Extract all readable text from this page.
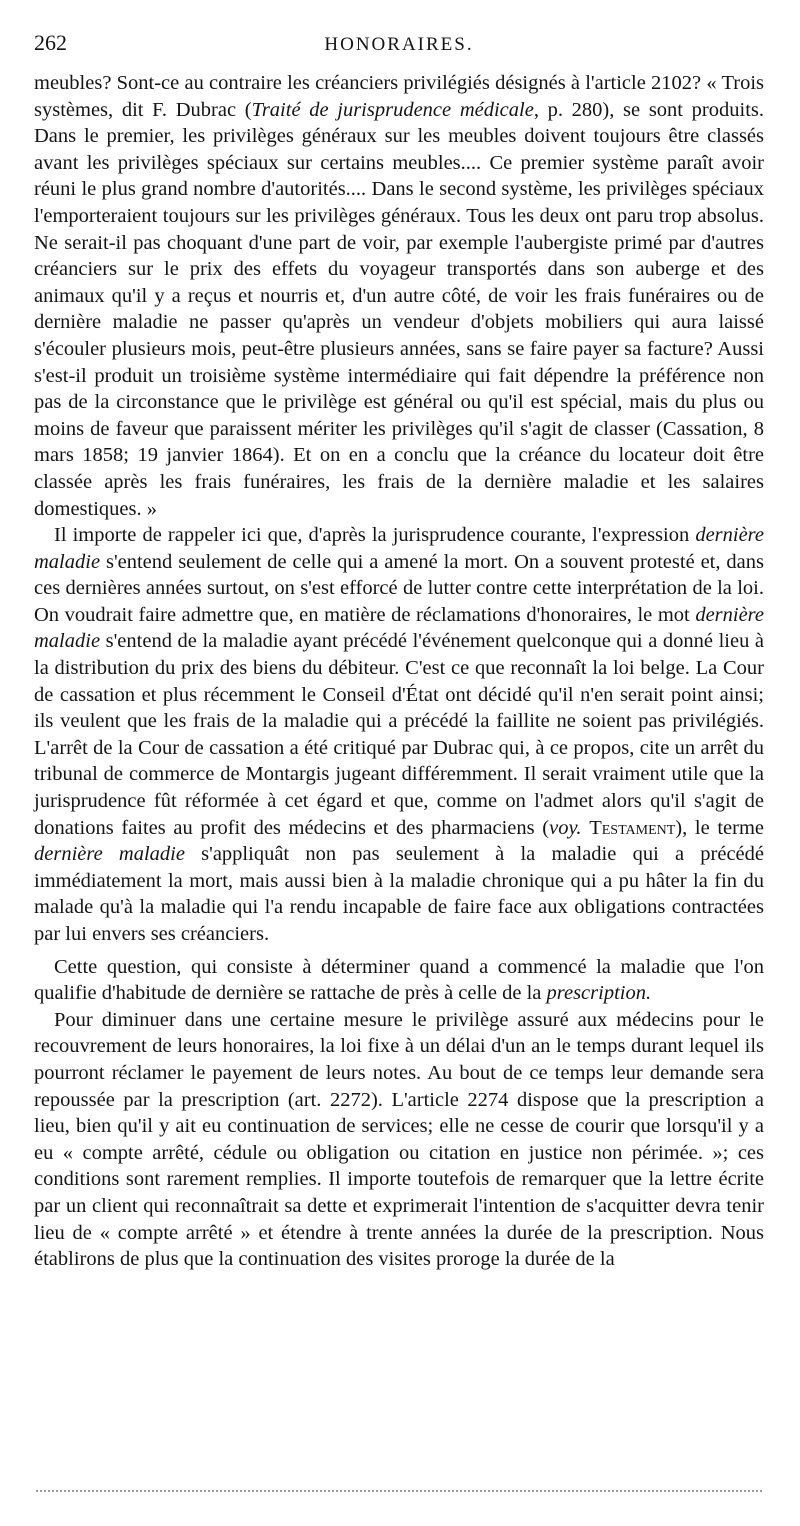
262	HONORAIRES.

meubles? Sont-ce au contraire les créanciers privilégiés désignés à l'article 2102? « Trois systèmes, dit F. Dubrac (Traité de jurisprudence médicale, p. 280), se sont produits. Dans le premier, les privilèges généraux sur les meubles doivent toujours être classés avant les privilèges spéciaux sur certains meubles.... Ce premier système paraît avoir réuni le plus grand nombre d'autorités.... Dans le second système, les privilèges spéciaux l'emporteraient toujours sur les privilèges généraux. Tous les deux ont paru trop absolus. Ne serait-il pas choquant d'une part de voir, par exemple l'aubergiste primé par d'autres créanciers sur le prix des effets du voyageur transportés dans son auberge et des animaux qu'il y a reçus et nourris et, d'un autre côté, de voir les frais funéraires ou de dernière maladie ne passer qu'après un vendeur d'objets mobiliers qui aura laissé s'écouler plusieurs mois, peut-être plusieurs années, sans se faire payer sa facture? Aussi s'est-il produit un troisième système intermédiaire qui fait dépendre la préférence non pas de la circonstance que le privilège est général ou qu'il est spécial, mais du plus ou moins de faveur que paraissent mériter les privilèges qu'il s'agit de classer (Cassation, 8 mars 1858; 19 janvier 1864). Et on en a conclu que la créance du locateur doit être classée après les frais funéraires, les frais de la dernière maladie et les salaires domestiques. »

Il importe de rappeler ici que, d'après la jurisprudence courante, l'expression dernière maladie s'entend seulement de celle qui a amené la mort. On a souvent protesté et, dans ces dernières années surtout, on s'est efforcé de lutter contre cette interprétation de la loi. On voudrait faire admettre que, en matière de réclamations d'honoraires, le mot dernière maladie s'entend de la maladie ayant précédé l'événement quelconque qui a donné lieu à la distribution du prix des biens du débiteur. C'est ce que reconnaît la loi belge. La Cour de cassation et plus récemment le Conseil d'État ont décidé qu'il n'en serait point ainsi; ils veulent que les frais de la maladie qui a précédé la faillite ne soient pas privilégiés. L'arrêt de la Cour de cassation a été critiqué par Dubrac qui, à ce propos, cite un arrêt du tribunal de commerce de Montargis jugeant différemment. Il serait vraiment utile que la jurisprudence fût réformée à cet égard et que, comme on l'admet alors qu'il s'agit de donations faites au profit des médecins et des pharmaciens (voy. Testament), le terme dernière maladie s'appliquât non pas seulement à la maladie qui a précédé immédiatement la mort, mais aussi bien à la maladie chronique qui a pu hâter la fin du malade qu'à la maladie qui l'a rendu incapable de faire face aux obligations contractées par lui envers ses créanciers.

Cette question, qui consiste à déterminer quand a commencé la maladie que l'on qualifie d'habitude de dernière se rattache de près à celle de la prescription.

Pour diminuer dans une certaine mesure le privilège assuré aux médecins pour le recouvrement de leurs honoraires, la loi fixe à un délai d'un an le temps durant lequel ils pourront réclamer le payement de leurs notes. Au bout de ce temps leur demande sera repoussée par la prescription (art. 2272). L'article 2274 dispose que la prescription a lieu, bien qu'il y ait eu continuation de services; elle ne cesse de courir que lorsqu'il y a eu « compte arrêté, cédule ou obligation ou citation en justice non périmée. »; ces conditions sont rarement remplies. Il importe toutefois de remarquer que la lettre écrite par un client qui reconnaîtrait sa dette et exprimerait l'intention de s'acquitter devra tenir lieu de « compte arrêté » et étendre à trente années la durée de la prescription. Nous établirons de plus que la continuation des visites proroge la durée de la
